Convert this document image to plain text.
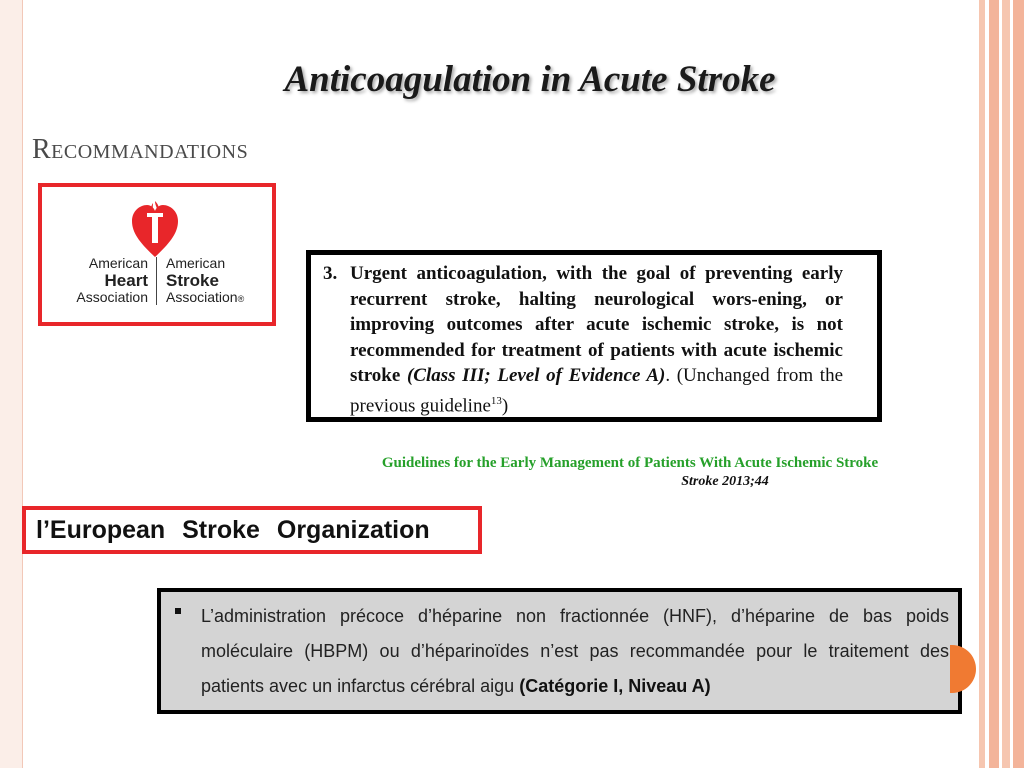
Anticoagulation in Acute Stroke
Recommandations
American
Heart
Association
American
Stroke
Association®
3. Urgent anticoagulation, with the goal of preventing early recurrent stroke, halting neurological wors-ening, or improving outcomes after acute ischemic stroke, is not recommended for treatment of patients with acute ischemic stroke (Class III; Level of Evidence A). (Unchanged from the previous guideline$^{13}$)
Guidelines for the Early Management of Patients With Acute Ischemic Stroke
Stroke 2013;44
l’European Stroke Organization
L’administration précoce d’héparine non fractionnée (HNF), d’héparine de bas poids moléculaire (HBPM) ou d’héparinoïdes n’est pas recommandée pour le traitement des patients avec un infarctus cérébral aigu (Catégorie I, Niveau A)
